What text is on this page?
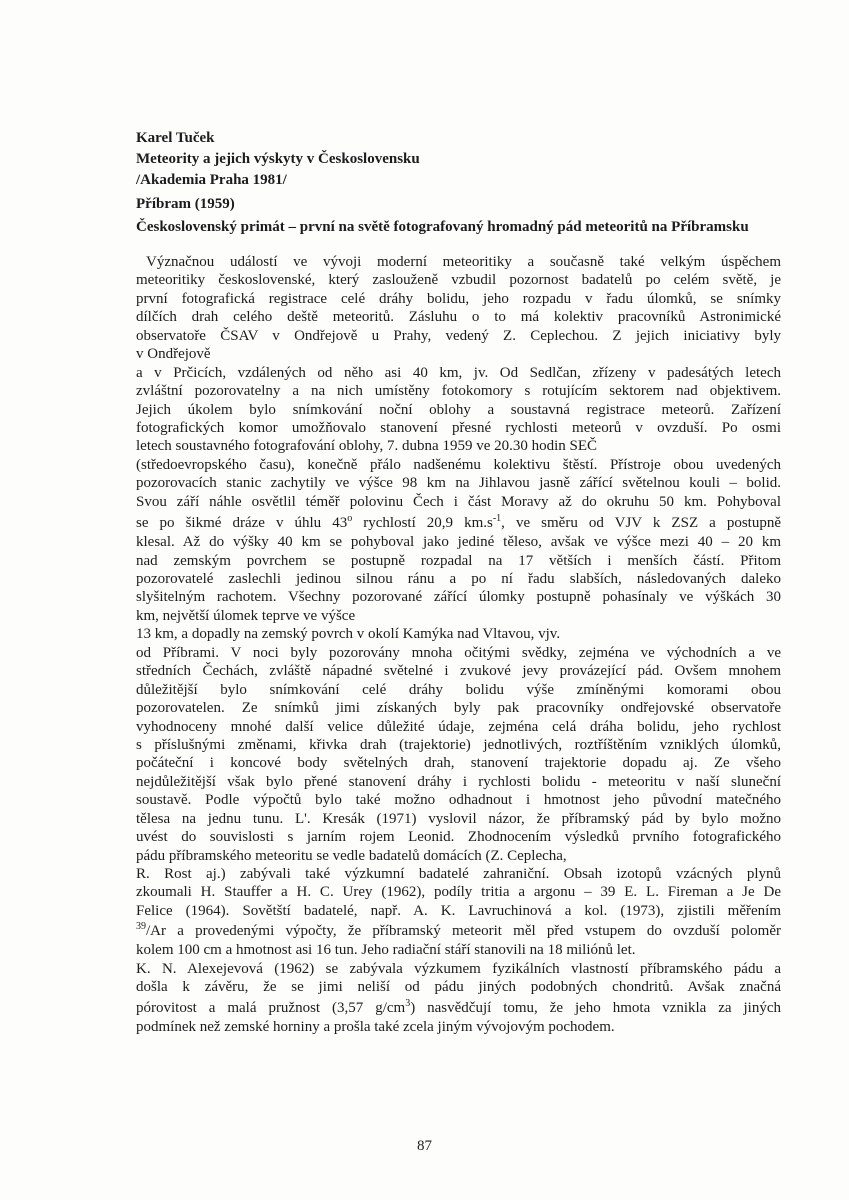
Karel Tuček
Meteority a jejich výskyty v Československu
/Akademia Praha 1981/
Příbram (1959)
Československý primát – první na světě fotografovaný hromadný pád meteoritů na Příbramsku
Význačnou událostí ve vývoji moderní meteoritiky a současně také velkým úspěchem
meteoritiky československé, který zaslouženě vzbudil pozornost badatelů po celém světě, je
první fotografická registrace celé dráhy bolidu, jeho rozpadu v řadu úlomků, se snímky
dílčích drah celého deště meteoritů. Zásluhu o to má kolektiv pracovníků Astronimické
observatoře ČSAV v Ondřejově u Prahy, vedený Z. Ceplechou. Z jejich iniciativy byly
v Ondřejově
a v Prčicích, vzdálených od něho asi 40 km, jv. Od Sedlčan, zřízeny v padesátých letech
zvláštní pozorovatelny a na nich umístěny fotokomory s rotujícím sektorem nad objektivem.
Jejich úkolem bylo snímkování noční oblohy a soustavná registrace meteorů. Zařízení
fotografických komor umožňovalo stanovení přesné rychlosti meteorů v ovzduší. Po osmi
letech soustavného fotografování oblohy, 7. dubna 1959 ve 20.30 hodin SEČ
(středoevropského času), konečně přálo nadšenému kolektivu štěstí. Přístroje obou uvedených
pozorovacích stanic zachytily ve výšce 98 km na Jihlavou jasně zářící světelnou kouli – bolid.
Svou září náhle osvětlil téměř polovinu Čech i část Moravy až do okruhu 50 km. Pohyboval
se po šikmé dráze v úhlu 43$^o$ rychlostí 20,9 $km.s^{-1}$, ve směru od VJV k ZSZ a postupně
klesal. Až do výšky 40 km se pohyboval jako jediné těleso, avšak ve výšce mezi 40 – 20 km
nad zemským povrchem se postupně rozpadal na 17 větších i menších částí. Přitom
pozorovatelé zaslechli jedinou silnou ránu a po ní řadu slabších, následovaných daleko
slyšitelným rachotem. Všechny pozorované zářící úlomky postupně pohasínaly ve výškách 30
km, největší úlomek teprve ve výšce
13 km, a dopadly na zemský povrch v okolí Kamýka nad Vltavou, vjv.
od Příbrami. V noci byly pozorovány mnoha očitými svědky, zejména ve východních a ve
středních Čechách, zvláště nápadné světelné i zvukové jevy provázející pád. Ovšem mnohem
důležitější bylo snímkování celé dráhy bolidu výše zmíněnými komorami obou
pozorovatelen. Ze snímků jimi získaných byly pak pracovníky ondřejovské observatoře
vyhodnoceny mnohé další velice důležité údaje, zejména celá dráha bolidu, jeho rychlost
s příslušnými změnami, křivka drah (trajektorie) jednotlivých, roztříštěním vzniklých úlomků,
počáteční i koncové body světelných drah, stanovení trajektorie dopadu aj. Ze všeho
nejdůležitější však bylo přené stanovení dráhy i rychlosti bolidu - meteoritu v naší sluneční
soustavě. Podle výpočtů bylo také možno odhadnout i hmotnost jeho původní matečného
tělesa na jednu tunu. L'. Kresák (1971) vyslovil názor, že příbramský pád by bylo možno
uvést do souvislosti s jarním rojem Leonid. Zhodnocením výsledků prvního fotografického
pádu příbramského meteoritu se vedle badatelů domácích (Z. Ceplecha,
R. Rost aj.) zabývali také výzkumní badatelé zahraniční. Obsah izotopů vzácných plynů
zkoumali H. Stauffer a H. C. Urey (1962), podíly tritia a argonu – 39 E. L. Fireman a Je De
Felice (1964). Sovětští badatelé, např. A. K. Lavruchinová a kol. (1973), zjistili měřením
$^{39}$/Ar a provedenými výpočty, že příbramský meteorit měl před vstupem do ovzduší poloměr
kolem 100 cm a hmotnost asi 16 tun. Jeho radiační stáří stanovili na 18 miliónů let.
K. N. Alexejevová (1962) se zabývala výzkumem fyzikálních vlastností příbramského pádu a
došla k závěru, že se jimi neliší od pádu jiných podobných chondritů. Avšak značná
pórovitost a malá pružnost (3,57 $g/cm^3$) nasvědčují tomu, že jeho hmota vznikla za jiných
podmínek než zemské horniny a prošla také zcela jiným vývojovým pochodem.
87
